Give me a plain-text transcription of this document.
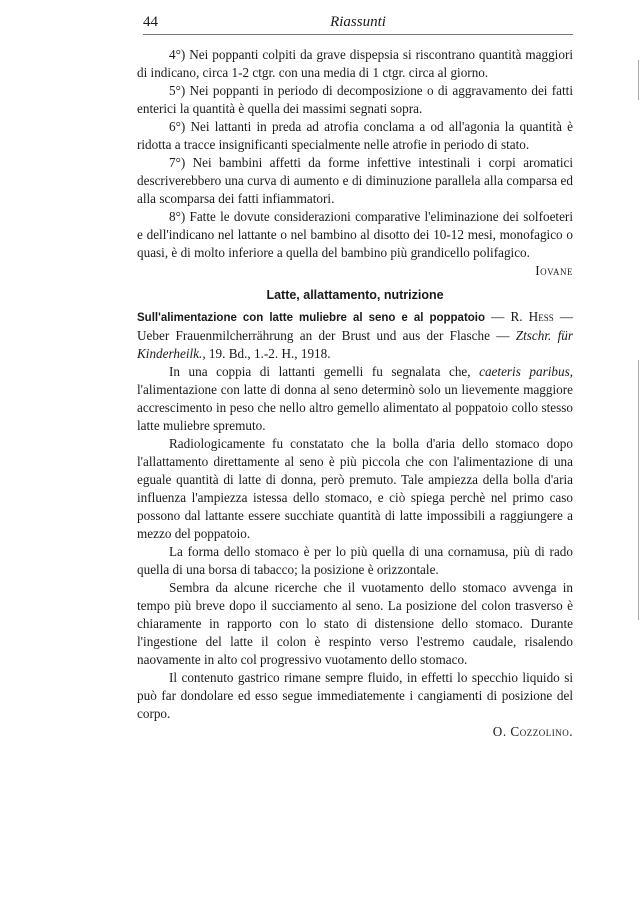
44	Riassunti

4°) Nei poppanti colpiti da grave dispepsia si riscontrano quantità maggiori di indicano, circa 1-2 ctgr. con una media di 1 ctgr. circa al giorno.

5°) Nei poppanti in periodo di decomposizione o di aggravamento dei fatti enterici la quantità è quella dei massimi segnati sopra.

6°) Nei lattanti in preda ad atrofia conclama a od all'agonia la quantità è ridotta a tracce insignificanti specialmente nelle atrofie in periodo di stato.

7°) Nei bambini affetti da forme infettive intestinali i corpi aromatici descriverebbero una curva di aumento e di diminuzione parallela alla comparsa ed alla scomparsa dei fatti infiammatori.

8°) Fatte le dovute considerazioni comparative l'eliminazione dei solfoeteri e dell'indicano nel lattante o nel bambino al disotto dei 10-12 mesi, monofagico o quasi, è di molto inferiore a quella del bambino più grandicello polifagico.

Iovane

Latte, allattamento, nutrizione

Sull'alimentazione con latte muliebre al seno e al poppatoio — R. Hess — Ueber Frauenmilcherrährung an der Brust und aus der Flasche — Ztschr. für Kinderheilk., 19. Bd., 1.-2. H., 1918.

In una coppia di lattanti gemelli fu segnalata che, caeteris paribus, l'alimentazione con latte di donna al seno determinò solo un lievemente maggiore accrescimento in peso che nello altro gemello alimentato al poppatoio collo stesso latte muliebre spremuto.

Radiologicamente fu constatato che la bolla d'aria dello stomaco dopo l'allattamento direttamente al seno è più piccola che con l'alimentazione di una eguale quantità di latte di donna, però premuto. Tale ampiezza della bolla d'aria influenza l'ampiezza istessa dello stomaco, e ciò spiega perchè nel primo caso possono dal lattante essere succhiate quantità di latte impossibili a raggiungere a mezzo del poppatoio.

La forma dello stomaco è per lo più quella di una cornamusa, più di rado quella di una borsa di tabacco; la posizione è orizzontale.

Sembra da alcune ricerche che il vuotamento dello stomaco avvenga in tempo più breve dopo il succiamento al seno. La posizione del colon trasverso è chiaramente in rapporto con lo stato di distensione dello stomaco. Durante l'ingestione del latte il colon è respinto verso l'estremo caudale, risalendo naovamente in alto col progressivo vuotamento dello stomaco.

Il contenuto gastrico rimane sempre fluido, in effetti lo specchio liquido si può far dondolare ed esso segue immediatemente i cangiamenti di posizione del corpo.

O. Cozzolino.
